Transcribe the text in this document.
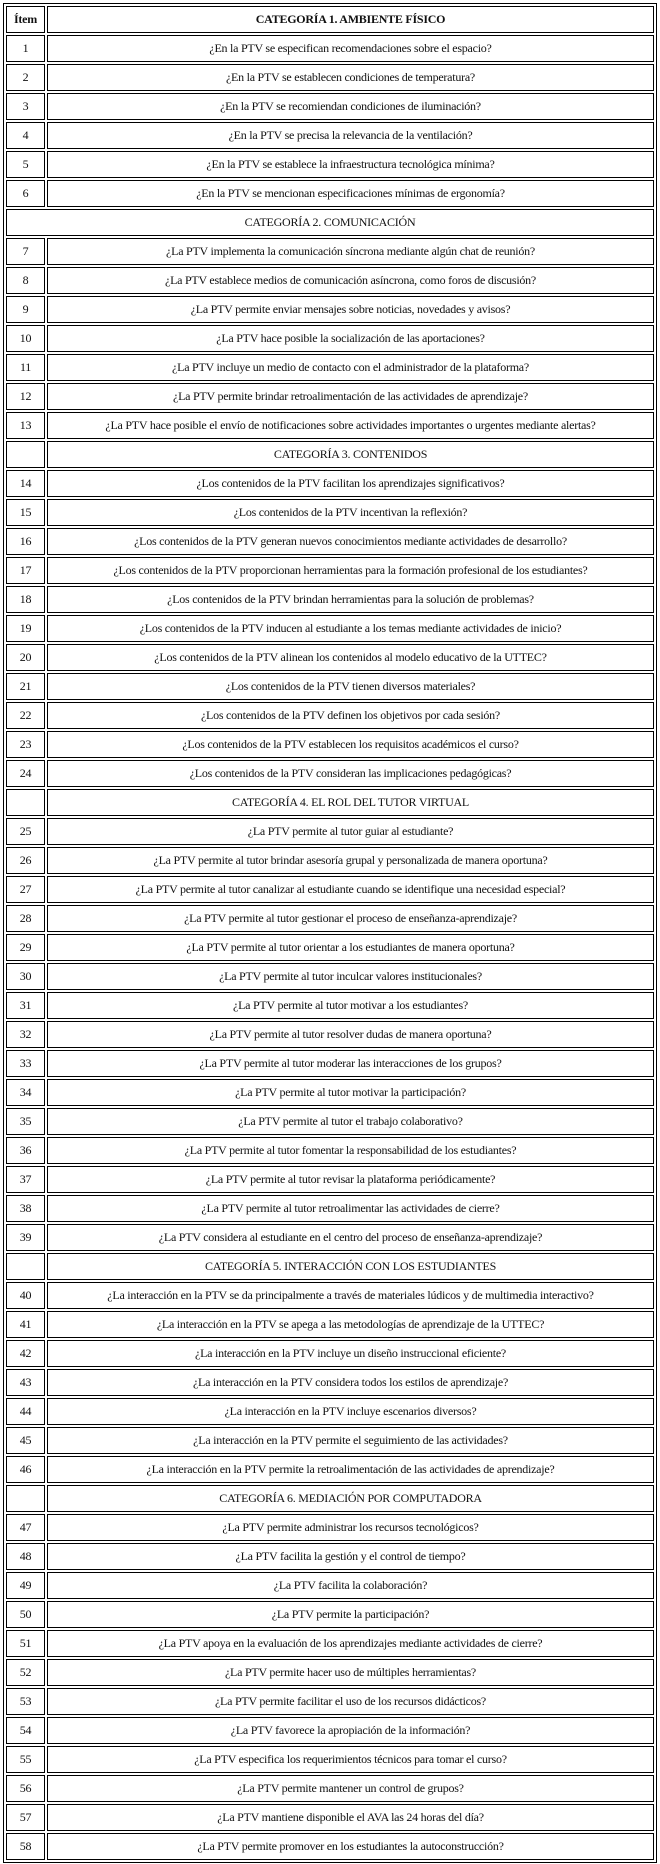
Ítem	CATEGORÍA 1. AMBIENTE FÍSICO
1	¿En la PTV se especifican recomendaciones sobre el espacio?
2	¿En la PTV se establecen condiciones de temperatura?
3	¿En la PTV se recomiendan condiciones de iluminación?
4	¿En la PTV se precisa la relevancia de la ventilación?
5	¿En la PTV se establece la infraestructura tecnológica mínima?
6	¿En la PTV se mencionan especificaciones mínimas de ergonomía?
CATEGORÍA 2. COMUNICACIÓN	
7	¿La PTV implementa la comunicación síncrona mediante algún chat de reunión?
8	¿La PTV establece medios de comunicación asíncrona, como foros de discusión?
9	¿La PTV permite enviar mensajes sobre noticias, novedades y avisos?
10	¿La PTV hace posible la socialización de las aportaciones?
11	¿La PTV incluye un medio de contacto con el administrador de la plataforma?
12	¿La PTV permite brindar retroalimentación de las actividades de aprendizaje?
13	¿La PTV hace posible el envío de notificaciones sobre actividades importantes o urgentes mediante alertas?
	CATEGORÍA 3. CONTENIDOS
14	¿Los contenidos de la PTV facilitan los aprendizajes significativos?
15	¿Los contenidos de la PTV incentivan la reflexión?
16	¿Los contenidos de la PTV generan nuevos conocimientos mediante actividades de desarrollo?
17	¿Los contenidos de la PTV proporcionan herramientas para la formación profesional de los estudiantes?
18	¿Los contenidos de la PTV brindan herramientas para la solución de problemas?
19	¿Los contenidos de la PTV inducen al estudiante a los temas mediante actividades de inicio?
20	¿Los contenidos de la PTV alinean los contenidos al modelo educativo de la UTTEC?
21	¿Los contenidos de la PTV tienen diversos materiales?
22	¿Los contenidos de la PTV definen los objetivos por cada sesión?
23	¿Los contenidos de la PTV establecen los requisitos académicos el curso?
24	¿Los contenidos de la PTV consideran las implicaciones pedagógicas?
	CATEGORÍA 4. EL ROL DEL TUTOR VIRTUAL
25	¿La PTV permite al tutor guiar al estudiante?
26	¿La PTV permite al tutor brindar asesoría grupal y personalizada de manera oportuna?
27	¿La PTV permite al tutor canalizar al estudiante cuando se identifique una necesidad especial?
28	¿La PTV permite al tutor gestionar el proceso de enseñanza-aprendizaje?
29	¿La PTV permite al tutor orientar a los estudiantes de manera oportuna?
30	¿La PTV permite al tutor inculcar valores institucionales?
31	¿La PTV permite al tutor motivar a los estudiantes?
32	¿La PTV permite al tutor resolver dudas de manera oportuna?
33	¿La PTV permite al tutor moderar las interacciones de los grupos?
34	¿La PTV permite al tutor motivar la participación?
35	¿La PTV permite al tutor el trabajo colaborativo?
36	¿La PTV permite al tutor fomentar la responsabilidad de los estudiantes?
37	¿La PTV permite al tutor revisar la plataforma periódicamente?
38	¿La PTV permite al tutor retroalimentar las actividades de cierre?
39	¿La PTV considera al estudiante en el centro del proceso de enseñanza-aprendizaje?
	CATEGORÍA 5. INTERACCIÓN CON LOS ESTUDIANTES
40	¿La interacción en la PTV se da principalmente a través de materiales lúdicos y de multimedia interactivo?
41	¿La interacción en la PTV se apega a las metodologías de aprendizaje de la UTTEC?
42	¿La interacción en la PTV incluye un diseño instruccional eficiente?
43	¿La interacción en la PTV considera todos los estilos de aprendizaje?
44	¿La interacción en la PTV incluye escenarios diversos?
45	¿La interacción en la PTV permite el seguimiento de las actividades?
46	¿La interacción en la PTV permite la retroalimentación de las actividades de aprendizaje?
	CATEGORÍA 6. MEDIACIÓN POR COMPUTADORA
47	¿La PTV permite administrar los recursos tecnológicos?
48	¿La PTV facilita la gestión y el control de tiempo?
49	¿La PTV facilita la colaboración?
50	¿La PTV permite la participación?
51	¿La PTV apoya en la evaluación de los aprendizajes mediante actividades de cierre?
52	¿La PTV permite hacer uso de múltiples herramientas?
53	¿La PTV permite facilitar el uso de los recursos didácticos?
54	¿La PTV favorece la apropiación de la información?
55	¿La PTV especifica los requerimientos técnicos para tomar el curso?
56	¿La PTV permite mantener un control de grupos?
57	¿La PTV mantiene disponible el AVA las 24 horas del día?
58	¿La PTV permite promover en los estudiantes la autoconstrucción?
